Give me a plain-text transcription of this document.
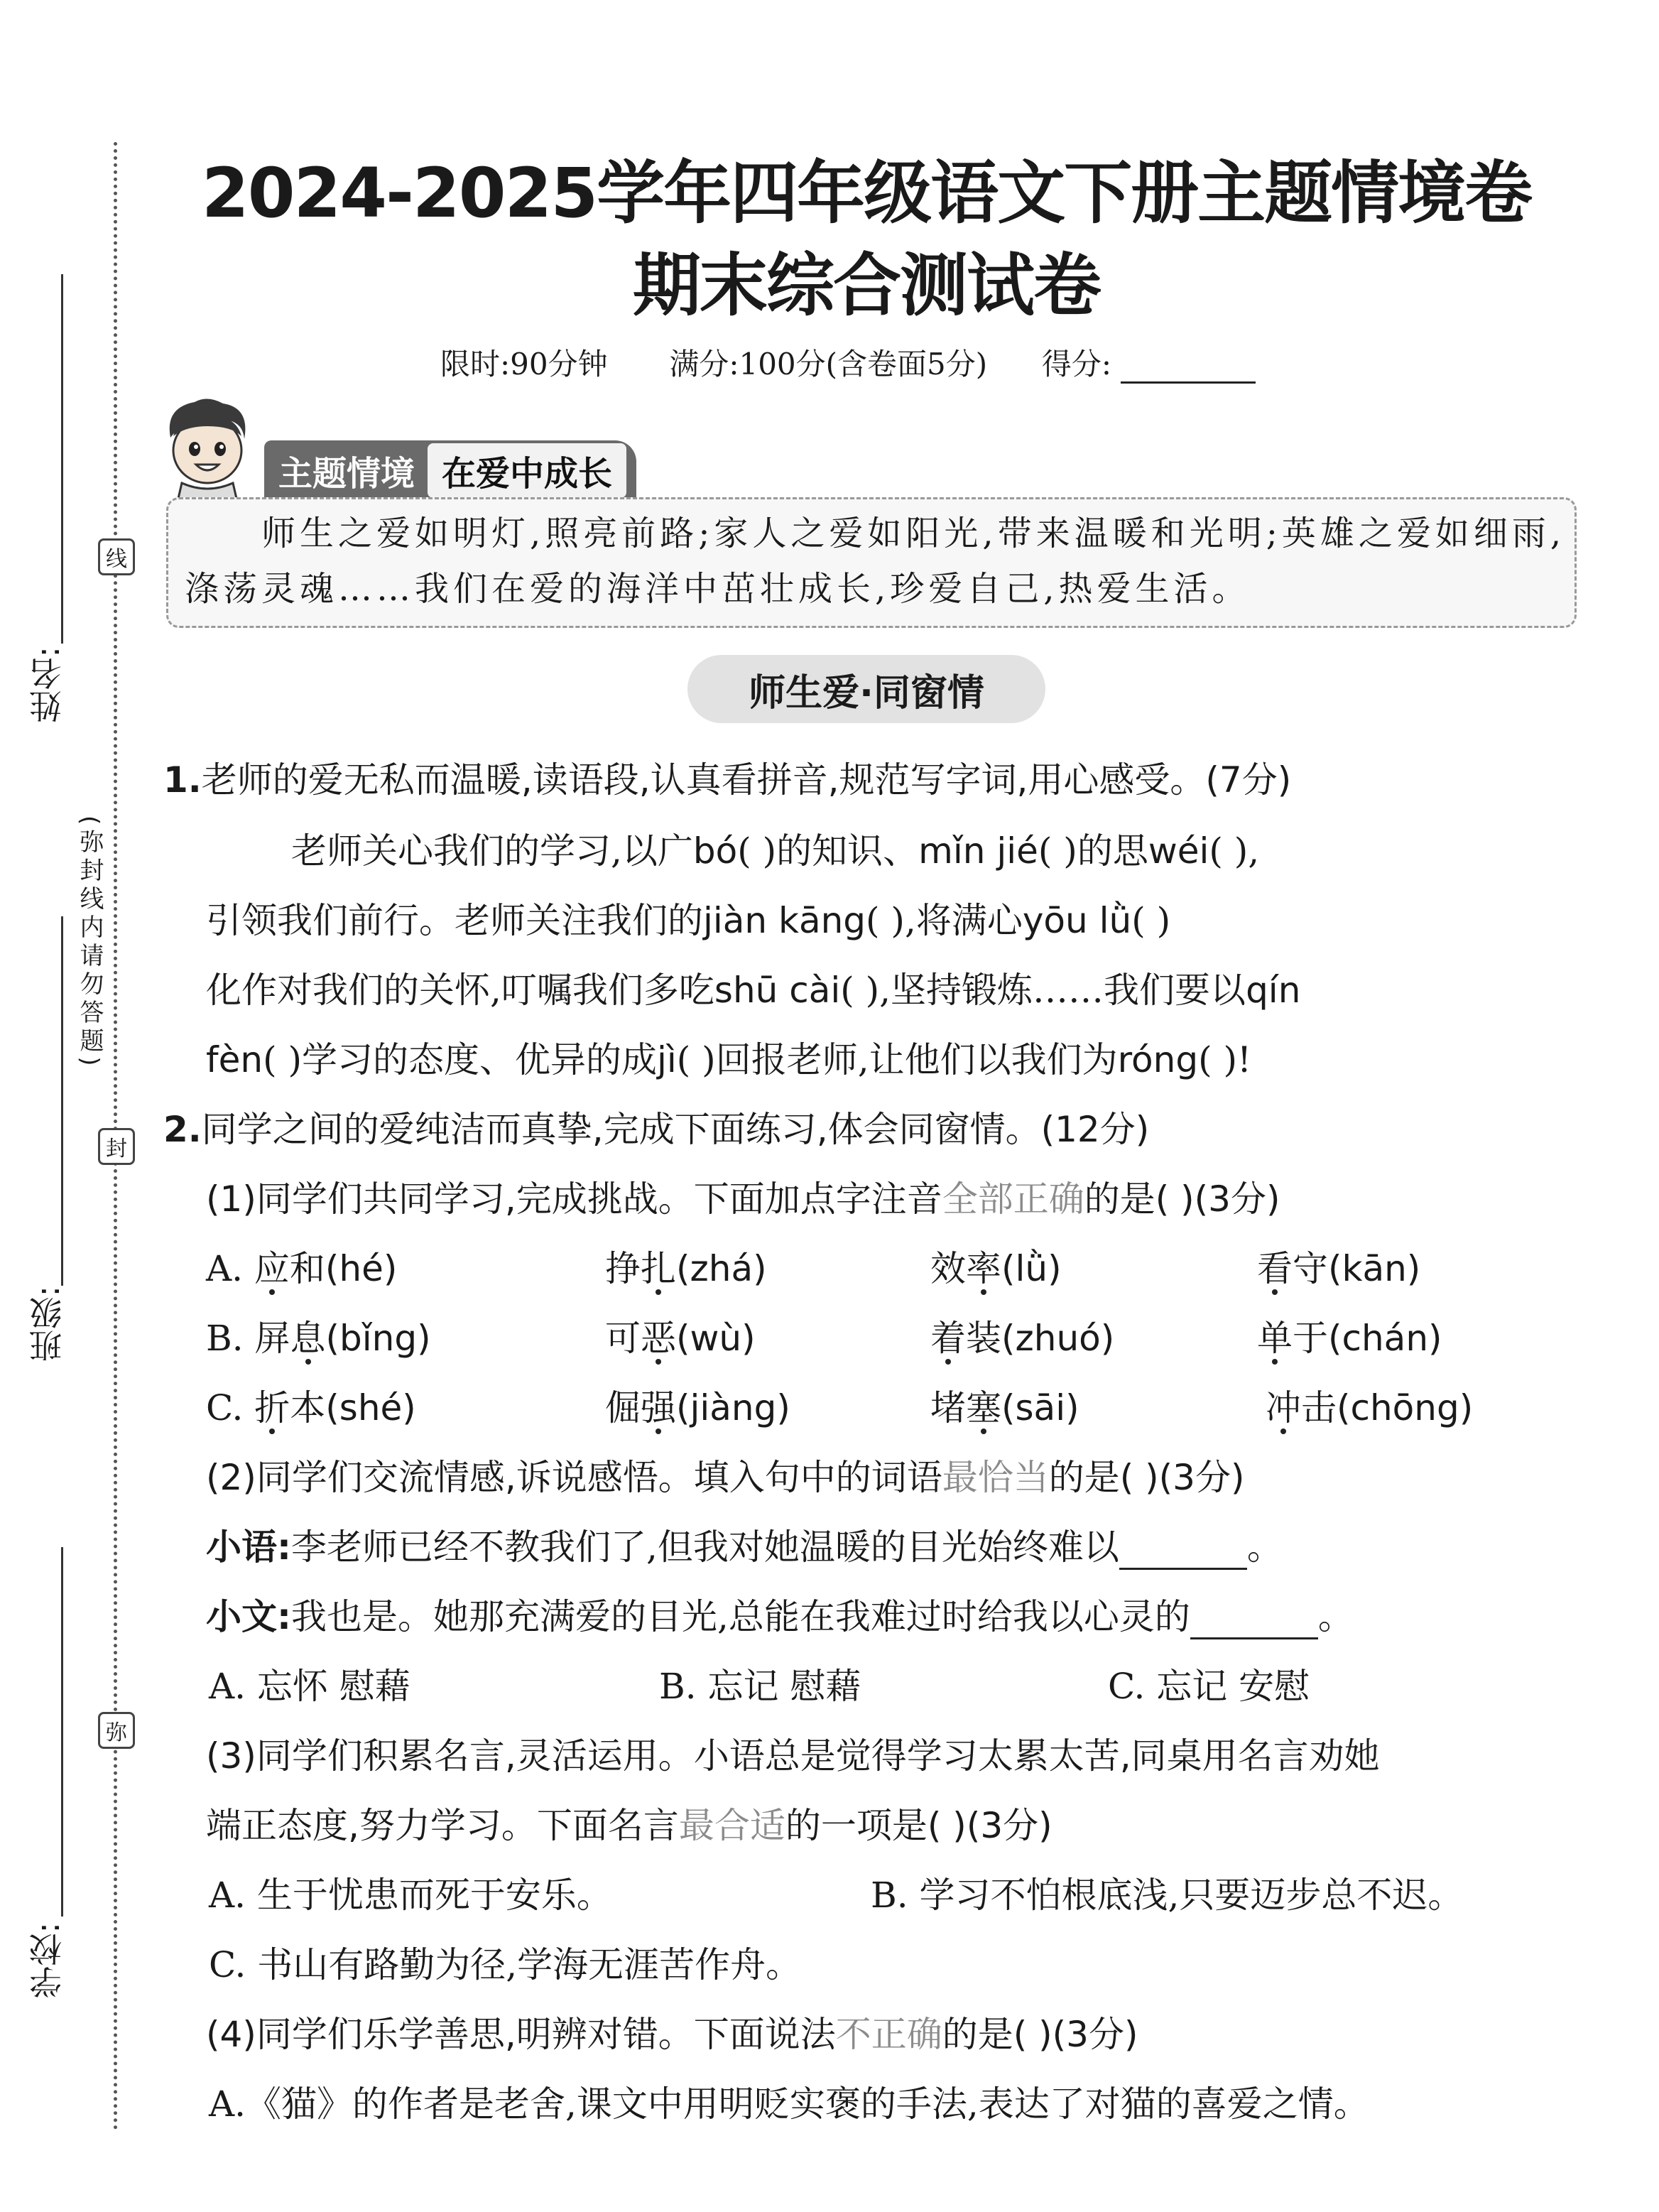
线
封
弥
(弥封线内请勿答题)
姓名:
班级:
学校:
2024-2025学年四年级语文下册主题情境卷
期末综合测试卷
限时:90分钟 满分:100分(含卷面5分) 得分:
主题情境 在爱中成长
师生之爱如明灯,照亮前路;家人之爱如阳光,带来温暖和光明;英雄之爱如细雨,涤荡灵魂……我们在爱的海洋中茁壮成长,珍爱自己,热爱生活。
师生爱·同窗情
1.老师的爱无私而温暖,读语段,认真看拼音,规范写字词,用心感受。(7分)
老师关心我们的学习,以广bó( )的知识、mǐn jié( )的思wéi( ),
引领我们前行。老师关注我们的jiàn kāng( ),将满心yōu lǜ( )
化作对我们的关怀,叮嘱我们多吃shū cài( ),坚持锻炼……我们要以qín
fèn( )学习的态度、优异的成jì( )回报老师,让他们以我们为róng( )!
2.同学之间的爱纯洁而真挚,完成下面练习,体会同窗情。(12分)
(1)同学们共同学习,完成挑战。下面加点字注音全部正确的是( )(3分)
A. 应和(hé)	挣扎(zhá)	效率(lǜ)	看守(kān)
B. 屏息(bǐng)	可恶(wù)	着装(zhuó)	单于(chán)
C. 折本(shé)	倔强(jiàng)	堵塞(sāi)	冲击(chōng)
(2)同学们交流情感,诉说感悟。填入句中的词语最恰当的是( )(3分)
小语:李老师已经不教我们了,但我对她温暖的目光始终难以	。
小文:我也是。她那充满爱的目光,总能在我难过时给我以心灵的	。
A. 忘怀 慰藉	B. 忘记 慰藉	C. 忘记 安慰
(3)同学们积累名言,灵活运用。小语总是觉得学习太累太苦,同桌用名言劝她
端正态度,努力学习。下面名言最合适的一项是( )(3分)
A. 生于忧患而死于安乐。	B. 学习不怕根底浅,只要迈步总不迟。
C. 书山有路勤为径,学海无涯苦作舟。
(4)同学们乐学善思,明辨对错。下面说法不正确的是( )(3分)
A.《猫》的作者是老舍,课文中用明贬实褒的手法,表达了对猫的喜爱之情。
